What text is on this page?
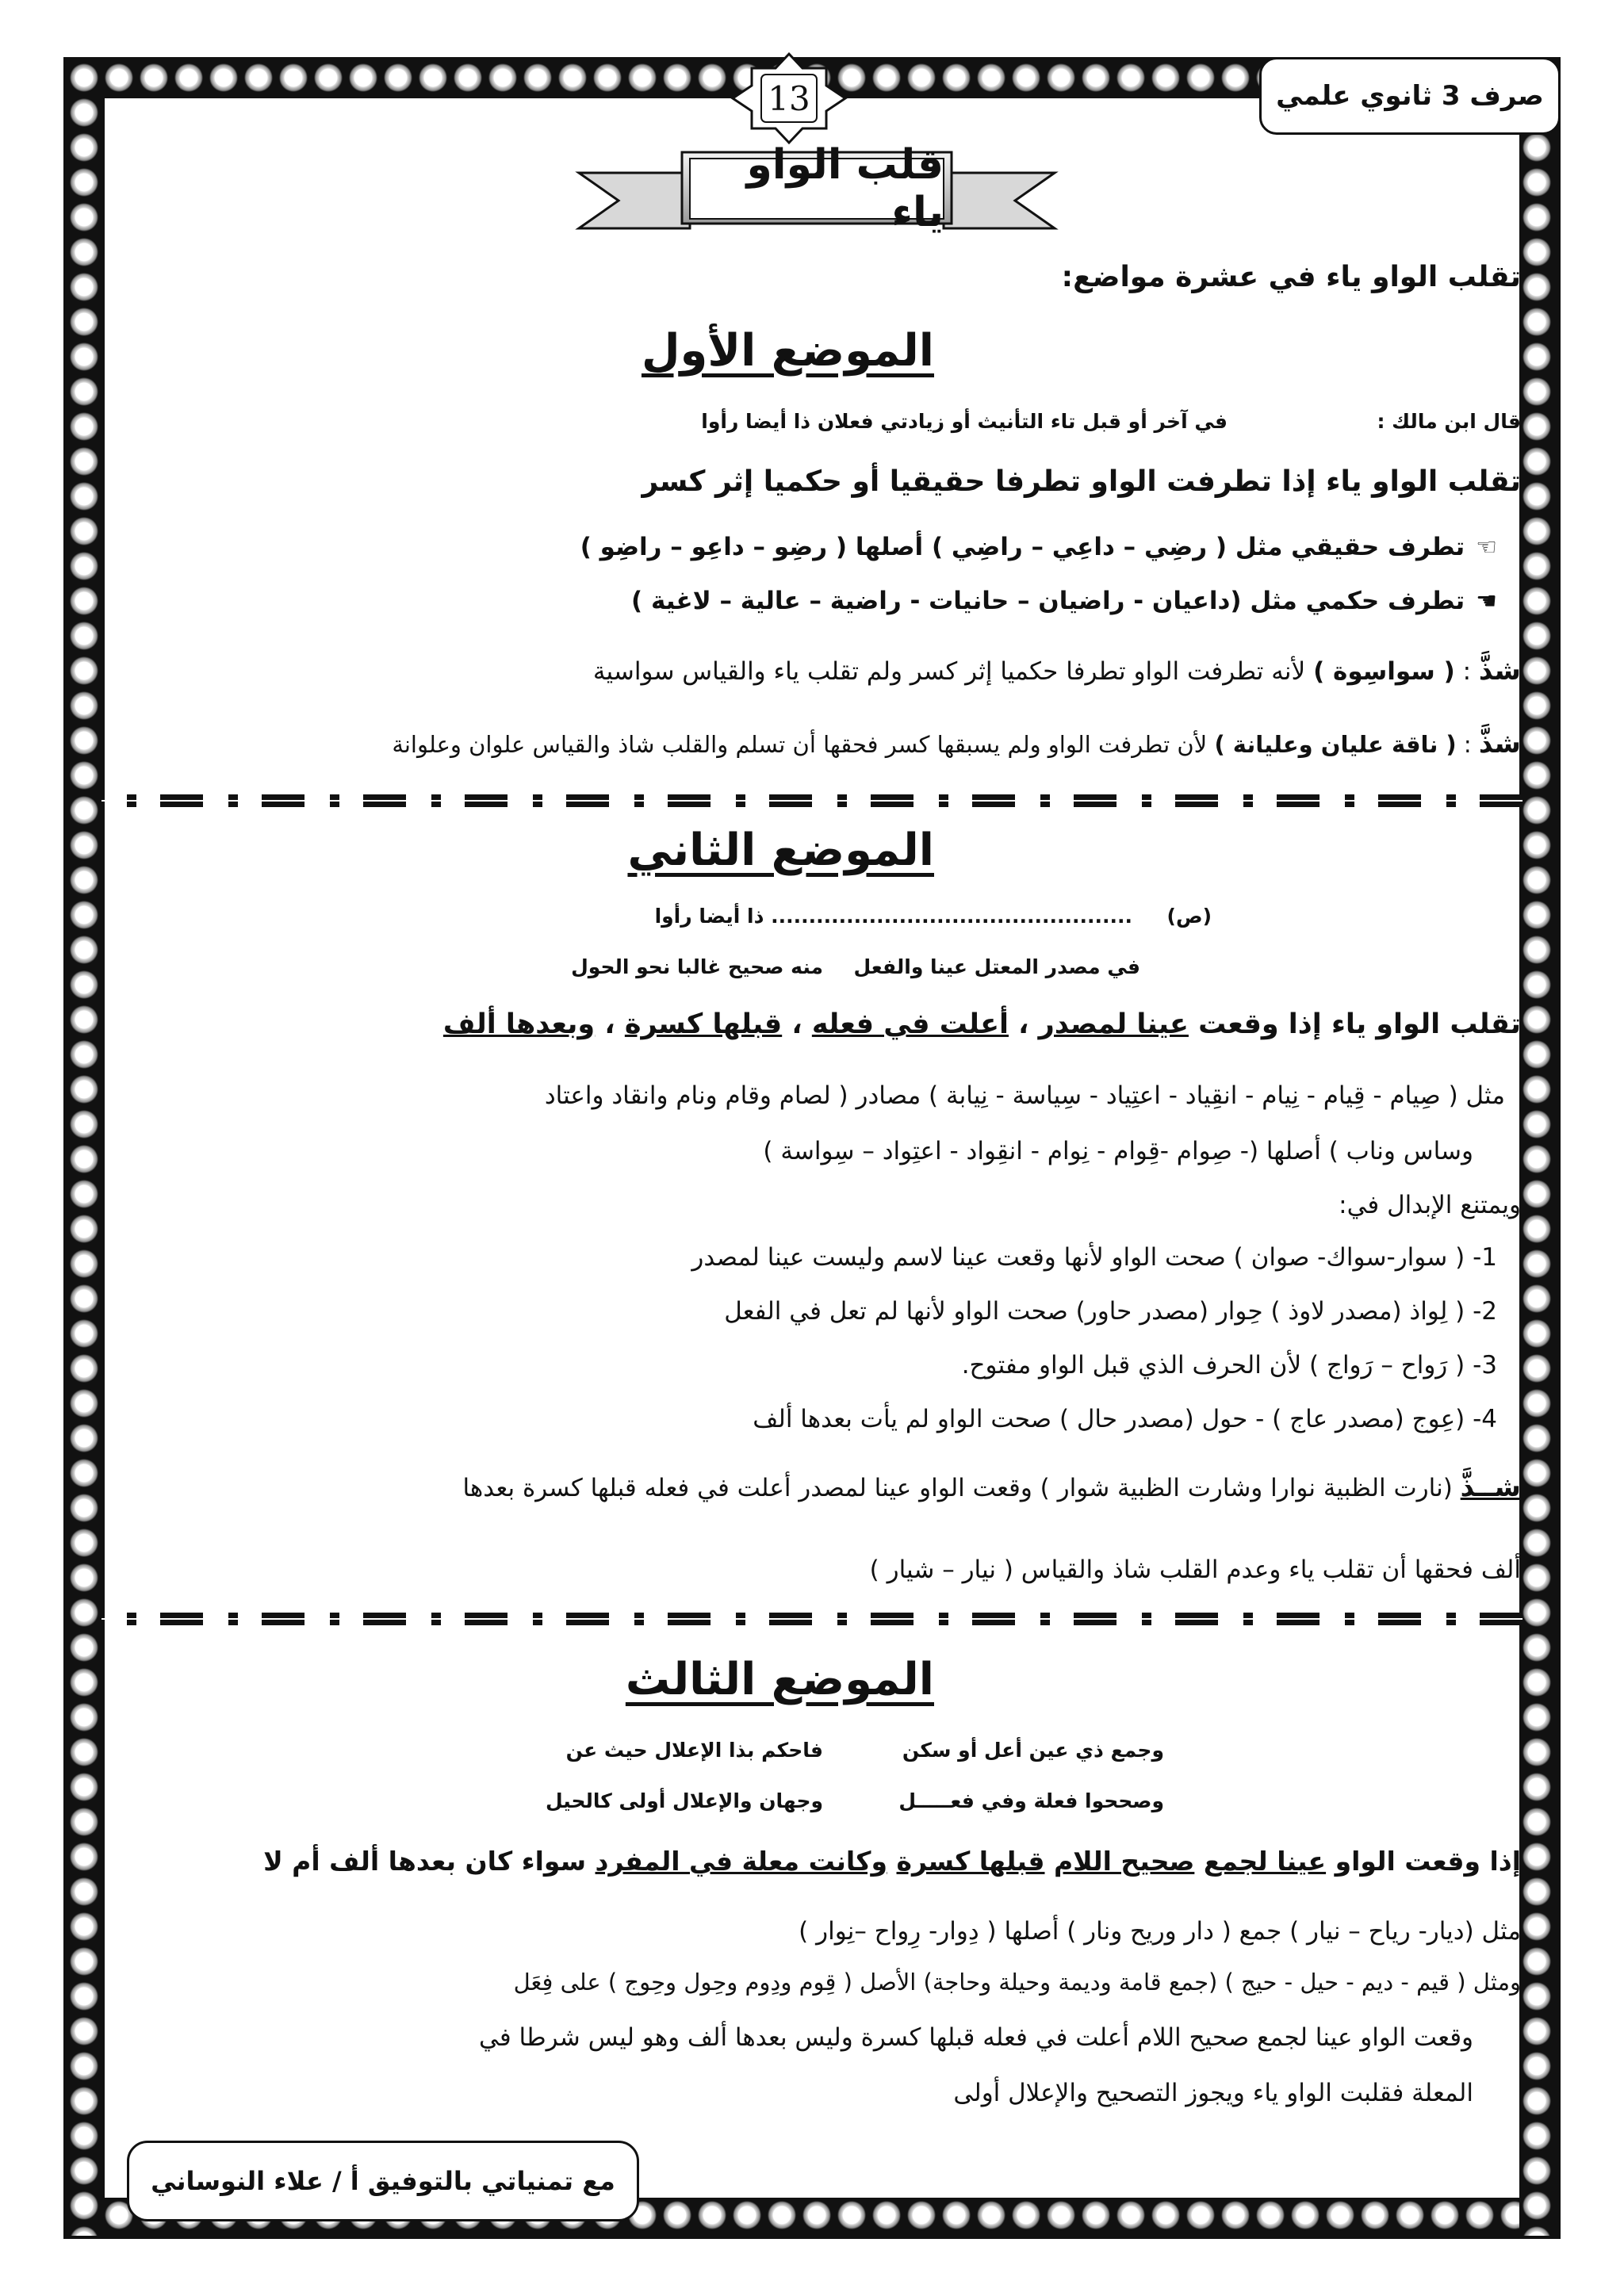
صرف 3 ثانوي علمي
13
قلب الواو ياء
تقلب الواو ياء في عشرة مواضع:
الموضع الأول
قال ابن مالك :
في آخر أو قبل تاء التأنيث أو زيادتي فعلان ذا أيضا رأوا
تقلب الواو ياء إذا تطرفت الواو تطرفا حقيقيا أو حكميا إثر كسر
☜تطرف حقيقي مثل ( رضِي – داعِي – راضِي ) أصلها ( رضِو – داعِو – راضِو )
☚تطرف حكمي مثل (داعيان - راضيان – حانيات - راضية – عالية – لاغية )
شذَّ : ( سواسِوة ) لأنه تطرفت الواو تطرفا حكميا إثر كسر ولم تقلب ياء والقياس سواسية
شذَّ : ( ناقة عليان وعليانة ) لأن تطرفت الواو ولم يسبقها كسر فحقها أن تسلم والقلب شاذ والقياس علوان وعلوانة
الموضع الثاني
(ص)
................................................ ذا أيضا رأوا
في مصدر المعتل عينا والفعل
منه صحيح غالبا نحو الحول
تقلب الواو ياء إذا وقعت عينا لمصدر ، أعلت في فعله ، قبلها كسرة ، وبعدها ألف
مثل ( صِيام - قِيام - نِيام - انقِياد - اعتِياد - سِياسة - نِيابة ) مصادر ( لصام وقام ونام وانقاد واعتاد
وساس وناب ) أصلها (- صِوام -قِوام - نِوام - انقِواد - اعتِواد – سِواسة )
ويمتنع الإبدال في:
1- ( سوار-سواك- صوان ) صحت الواو لأنها وقعت عينا لاسم وليست عينا لمصدر
2- ( لِواذ (مصدر لاوذ ) حِوار (مصدر حاور) صحت الواو لأنها لم تعل في الفعل
3- ( رَواح – رَواج ) لأن الحرف الذي قبل الواو مفتوح.
4- (عِوج (مصدر عاج ) - حول (مصدر حال ) صحت الواو لم يأت بعدها ألف
شــذَّ (نارت الظبية نوارا وشارت الظبية شوار ) وقعت الواو عينا لمصدر أعلت في فعله قبلها كسرة بعدها
ألف فحقها أن تقلب ياء وعدم القلب شاذ والقياس ( نيار – شيار )
الموضع الثالث
وجمع ذي عين أعل أو سكن
فاحكم بذا الإعلال حيث عن
وصححوا فعلة وفي فعـــــل
وجهان والإعلال أولى كالحيل
إذا وقعت الواو عينا لجمع صحيح اللام قبلها كسرة وكانت معلة في المفرد سواء كان بعدها ألف أم لا
مثل (ديار- رياح – نيار ) جمع ( دار وريح ونار ) أصلها ( دِوار- رِواح –نِوار )
ومثل ( قيم - ديم - حيل - حيج ) (جمع قامة وديمة وحيلة وحاجة) الأصل ( قِوم ودِوم وحِول وحِوج ) على فِعَل
وقعت الواو عينا لجمع صحيح اللام أعلت في فعله قبلها كسرة وليس بعدها ألف وهو ليس شرطا في
المعلة فقلبت الواو ياء ويجوز التصحيح والإعلال أولى
مع تمنياتي بالتوفيق أ / علاء النوساني
